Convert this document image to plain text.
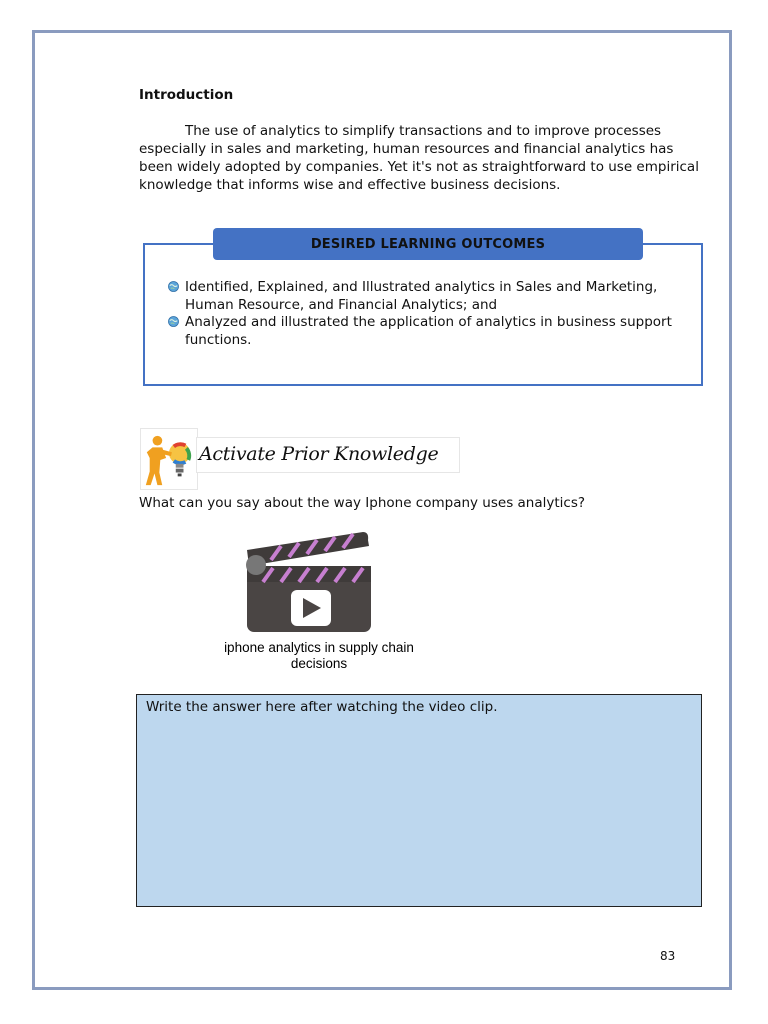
Introduction

The use of analytics to simplify transactions and to improve processes especially in sales and marketing, human resources and financial analytics has been widely adopted by companies. Yet it's not as straightforward to use empirical knowledge that informs wise and effective business decisions.

DESIRED LEARNING OUTCOMES
Identified, Explained, and Illustrated analytics in Sales and Marketing, Human Resource, and Financial Analytics; and
Analyzed and illustrated the application of analytics in business support functions.
Activate Prior Knowledge

What can you say about the way Iphone company uses analytics?

iphone analytics in supply chain decisions
Write the answer here after watching the video clip.
83
